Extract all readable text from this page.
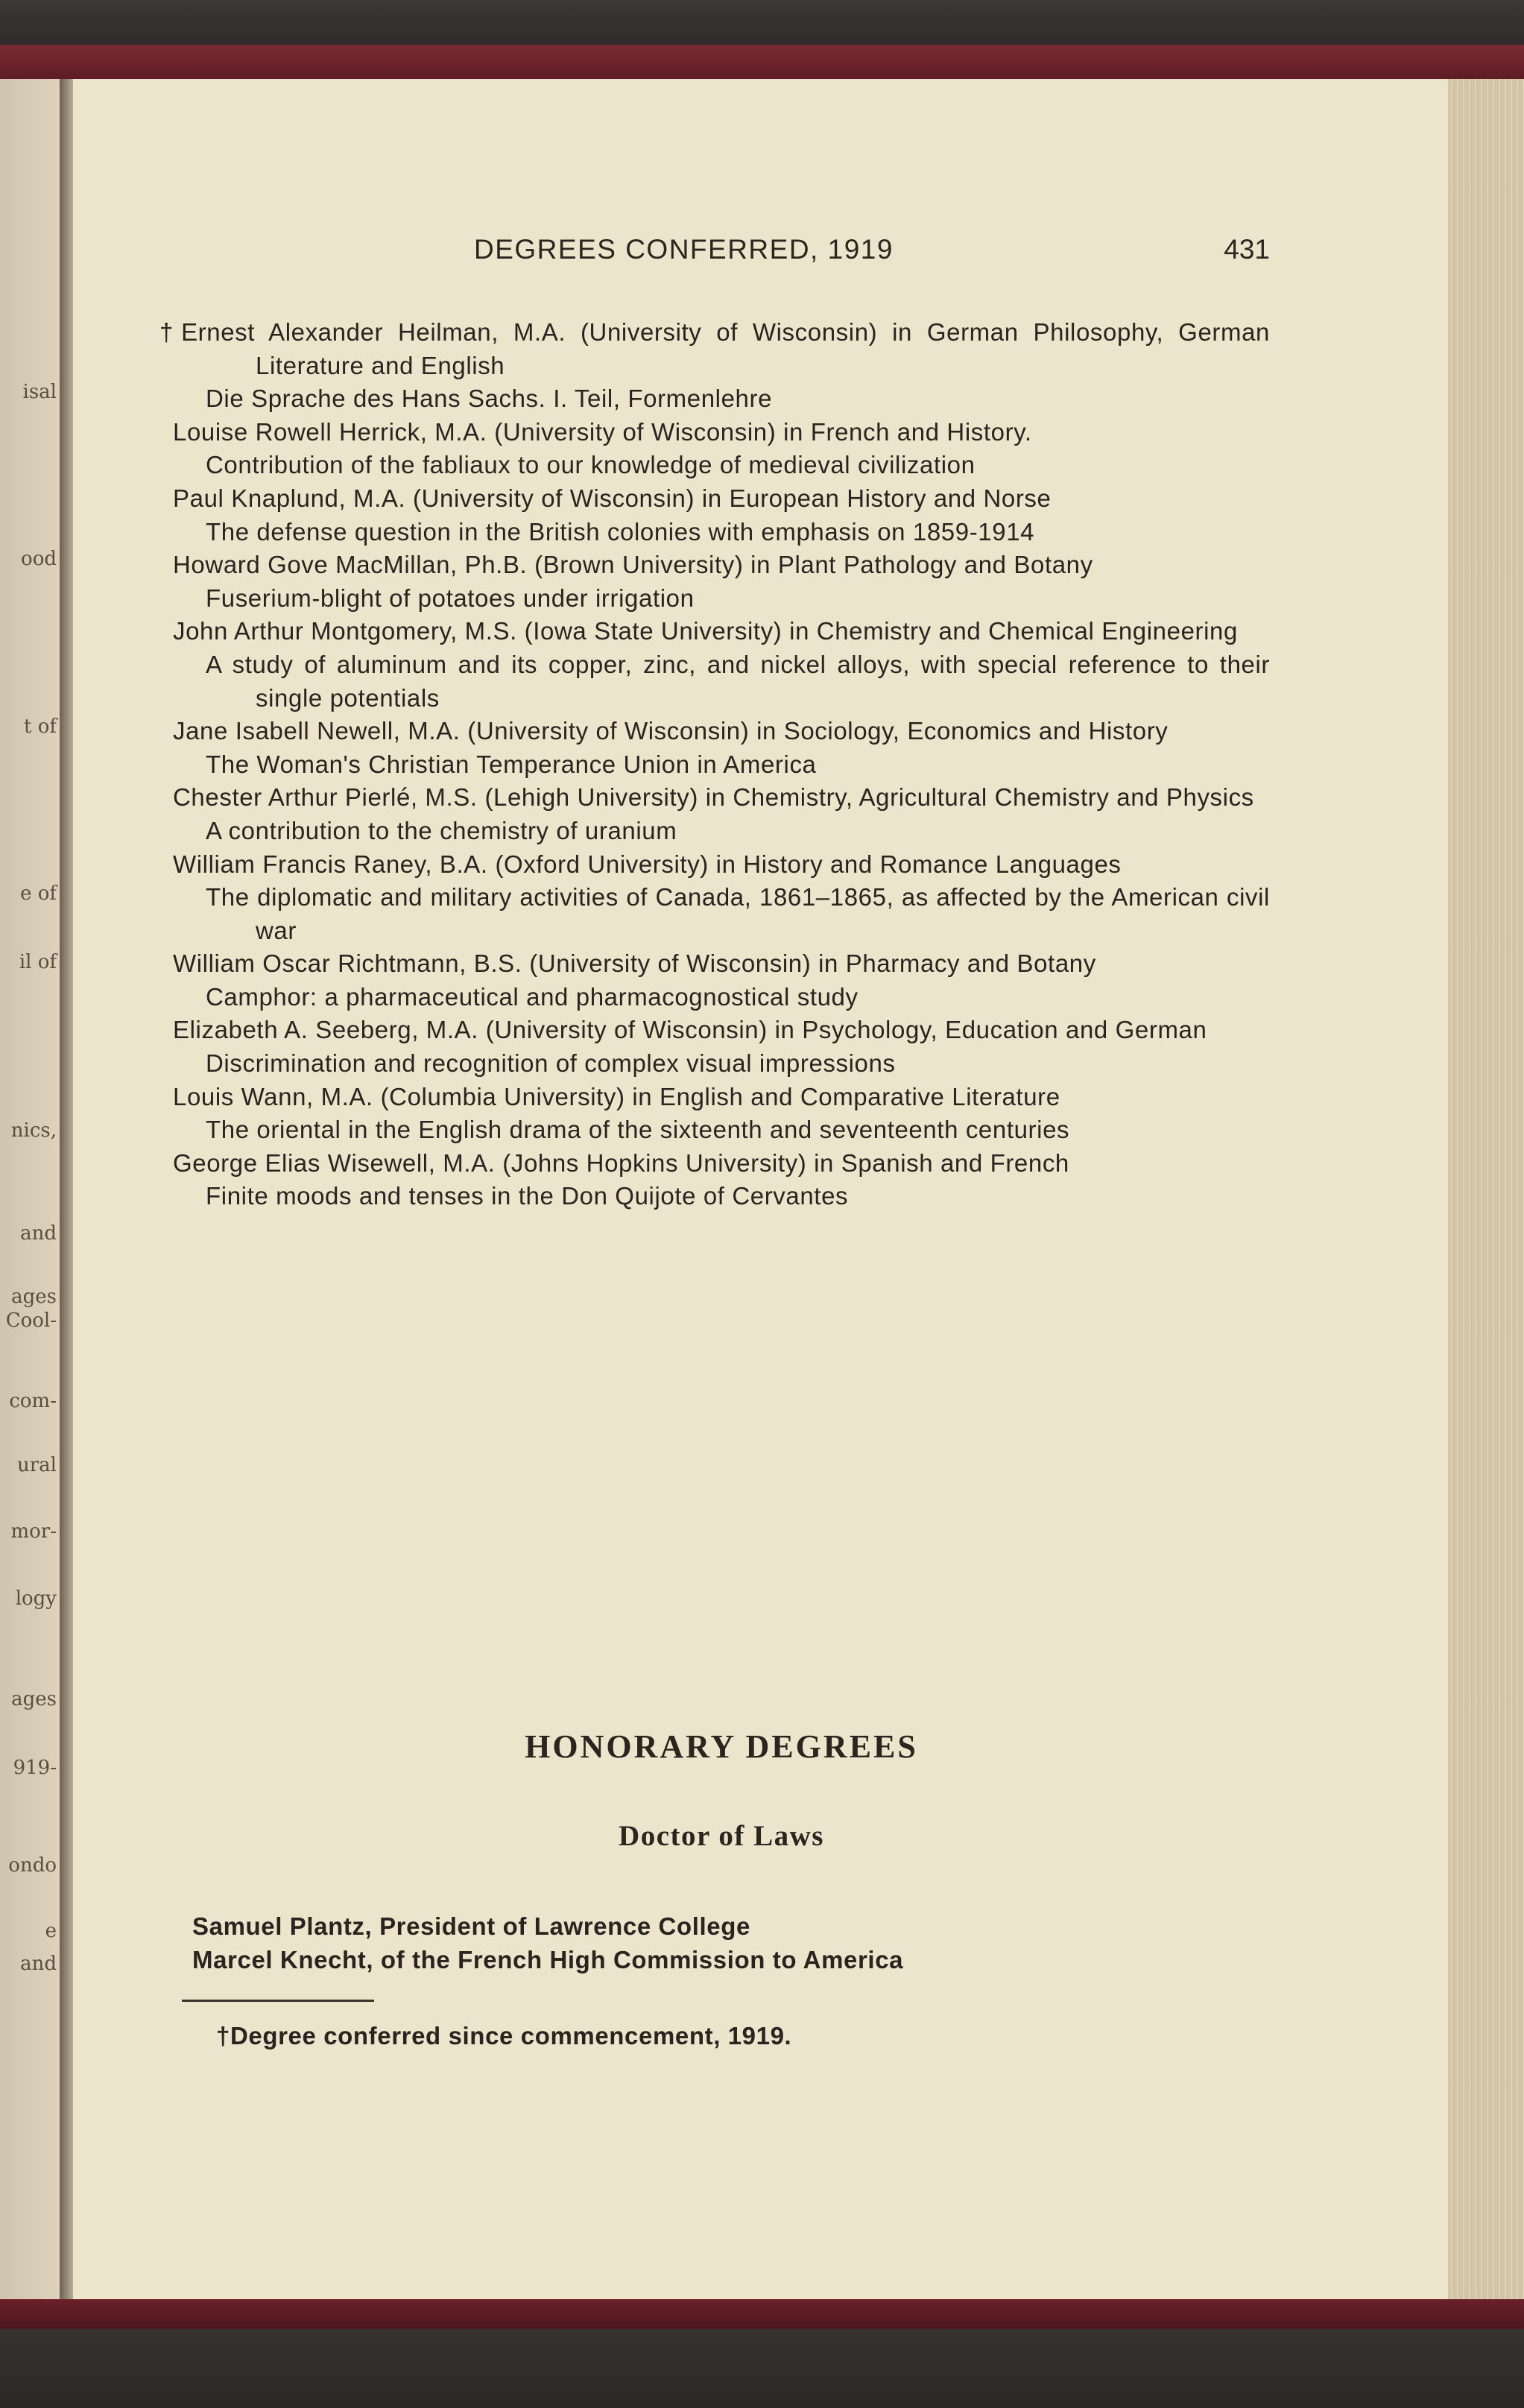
isal
ood
t of
e of
il of
nics,
and
ages
Cool-
com-
ural
mor-
logy
ages
919-
ondo
e
and
DEGREES CONFERRED, 1919	431
†Ernest Alexander Heilman, M.A. (University of Wisconsin) in German Philosophy, German Literature and English
Die Sprache des Hans Sachs. I. Teil, Formenlehre
Louise Rowell Herrick, M.A. (University of Wisconsin) in French and History.
Contribution of the fabliaux to our knowledge of medieval civilization
Paul Knaplund, M.A. (University of Wisconsin) in European History and Norse
The defense question in the British colonies with emphasis on 1859-1914
Howard Gove MacMillan, Ph.B. (Brown University) in Plant Pathology and Botany
Fuserium-blight of potatoes under irrigation
John Arthur Montgomery, M.S. (Iowa State University) in Chemistry and Chemical Engineering
A study of aluminum and its copper, zinc, and nickel alloys, with special reference to their single potentials
Jane Isabell Newell, M.A. (University of Wisconsin) in Sociology, Economics and History
The Woman's Christian Temperance Union in America
Chester Arthur Pierlé, M.S. (Lehigh University) in Chemistry, Agricultural Chemistry and Physics
A contribution to the chemistry of uranium
William Francis Raney, B.A. (Oxford University) in History and Romance Languages
The diplomatic and military activities of Canada, 1861–1865, as affected by the American civil war
William Oscar Richtmann, B.S. (University of Wisconsin) in Pharmacy and Botany
Camphor: a pharmaceutical and pharmacognostical study
Elizabeth A. Seeberg, M.A. (University of Wisconsin) in Psychology, Education and German
Discrimination and recognition of complex visual impressions
Louis Wann, M.A. (Columbia University) in English and Comparative Literature
The oriental in the English drama of the sixteenth and seventeenth centuries
George Elias Wisewell, M.A. (Johns Hopkins University) in Spanish and French
Finite moods and tenses in the Don Quijote of Cervantes
HONORARY DEGREES
Doctor of Laws
Samuel Plantz, President of Lawrence College
Marcel Knecht, of the French High Commission to America
†Degree conferred since commencement, 1919.
